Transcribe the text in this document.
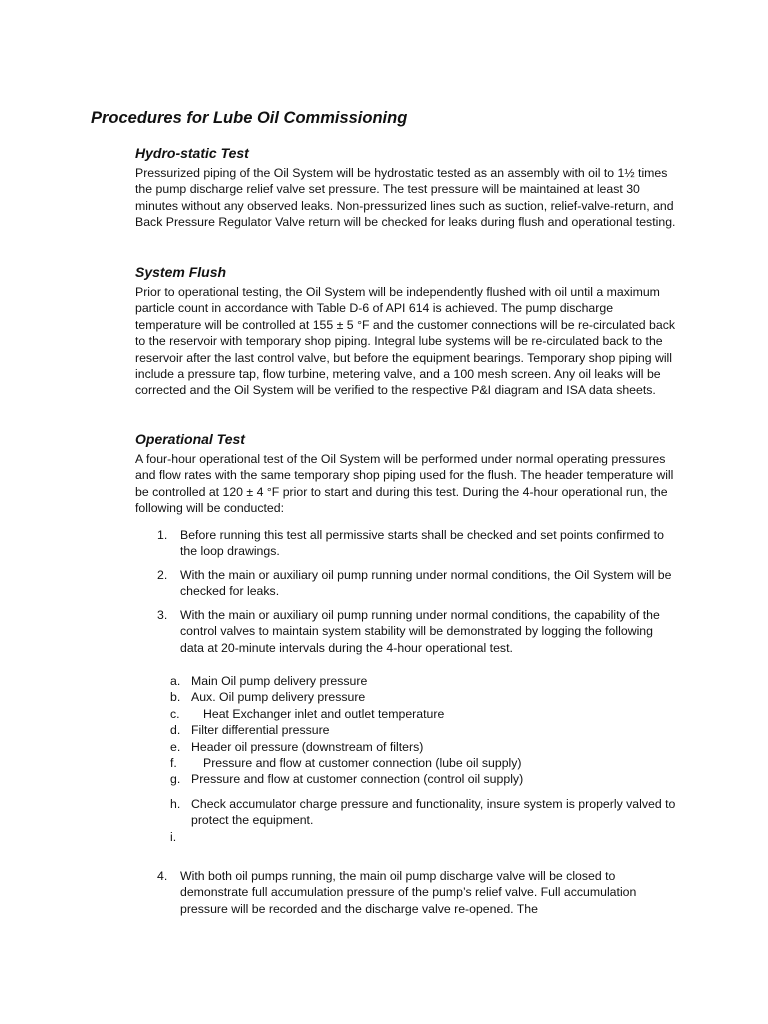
Procedures for Lube Oil Commissioning
Hydro-static Test

Pressurized piping of the Oil System will be hydrostatic tested as an assembly with oil to 1½ times the pump discharge relief valve set pressure. The test pressure will be maintained at least 30 minutes without any observed leaks. Non-pressurized lines such as suction, relief-valve-return, and Back Pressure Regulator Valve return will be checked for leaks during flush and operational testing.

System Flush

Prior to operational testing, the Oil System will be independently flushed with oil until a maximum particle count in accordance with Table D-6 of API 614 is achieved. The pump discharge temperature will be controlled at 155 ± 5 °F and the customer connections will be re-circulated back to the reservoir with temporary shop piping. Integral lube systems will be re-circulated back to the reservoir after the last control valve, but before the equipment bearings. Temporary shop piping will include a pressure tap, flow turbine, metering valve, and a 100 mesh screen. Any oil leaks will be corrected and the Oil System will be verified to the respective P&I diagram and ISA data sheets.

Operational Test

A four-hour operational test of the Oil System will be performed under normal operating pressures and flow rates with the same temporary shop piping used for the flush. The header temperature will be controlled at 120 ± 4 °F prior to start and during this test. During the 4-hour operational run, the following will be conducted:

1.	Before running this test all permissive starts shall be checked and set points confirmed to the loop drawings.
2.	With the main or auxiliary oil pump running under normal conditions, the Oil System will be checked for leaks.
3.	With the main or auxiliary oil pump running under normal conditions, the capability of the control valves to maintain system stability will be demonstrated by logging the following data at 20-minute intervals during the 4-hour operational test.
a. Main Oil pump delivery pressure
b. Aux. Oil pump delivery pressure
c.	Heat Exchanger inlet and outlet temperature
d. Filter differential pressure
e. Header oil pressure (downstream of filters)
f.	Pressure and flow at customer connection (lube oil supply)
g. Pressure and flow at customer connection (control oil supply)
h. Check accumulator charge pressure and functionality, insure system is properly valved to protect the equipment.
i.
4.	With both oil pumps running, the main oil pump discharge valve will be closed to demonstrate full accumulation pressure of the pump’s relief valve. Full accumulation pressure will be recorded and the discharge valve re-opened. The
